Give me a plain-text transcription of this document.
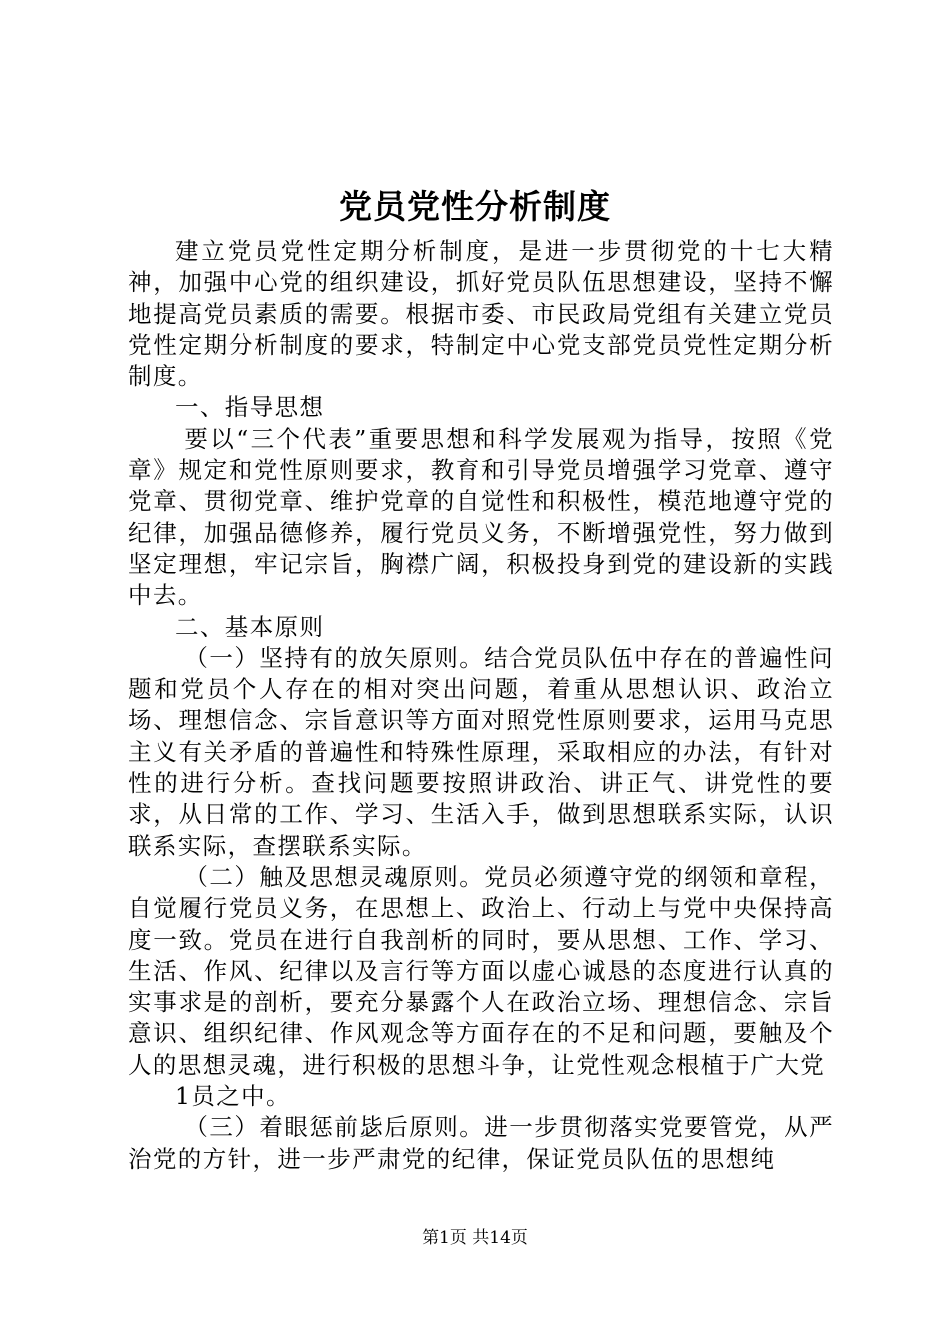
党员党性分析制度

建立党员党性定期分析制度，是进一步贯彻党的十七大精神，加强中心党的组织建设，抓好党员队伍思想建设，坚持不懈地提高党员素质的需要。根据市委、市民政局党组有关建立党员党性定期分析制度的要求，特制定中心党支部党员党性定期分析制度。

一、指导思想

要以“三个代表”重要思想和科学发展观为指导，按照《党章》规定和党性原则要求，教育和引导党员增强学习党章、遵守党章、贯彻党章、维护党章的自觉性和积极性，模范地遵守党的纪律，加强品德修养，履行党员义务，不断增强党性，努力做到坚定理想，牢记宗旨，胸襟广阔，积极投身到党的建设新的实践中去。

二、基本原则

（一）坚持有的放矢原则。结合党员队伍中存在的普遍性问题和党员个人存在的相对突出问题，着重从思想认识、政治立场、理想信念、宗旨意识等方面对照党性原则要求，运用马克思主义有关矛盾的普遍性和特殊性原理，采取相应的办法，有针对性的进行分析。查找问题要按照讲政治、讲正气、讲党性的要求，从日常的工作、学习、生活入手，做到思想联系实际，认识联系实际，查摆联系实际。

（二）触及思想灵魂原则。党员必须遵守党的纲领和章程，自觉履行党员义务，在思想上、政治上、行动上与党中央保持高度一致。党员在进行自我剖析的同时，要从思想、工作、学习、生活、作风、纪律以及言行等方面以虚心诚恳的态度进行认真的实事求是的剖析，要充分暴露个人在政治立场、理想信念、宗旨意识、组织纪律、作风观念等方面存在的不足和问题，要触及个人的思想灵魂，进行积极的思想斗争，让党性观念根植于广大党

1员之中。

（三）着眼惩前毖后原则。进一步贯彻落实党要管党，从严治党的方针，进一步严肃党的纪律，保证党员队伍的思想纯

第1页 共14页
